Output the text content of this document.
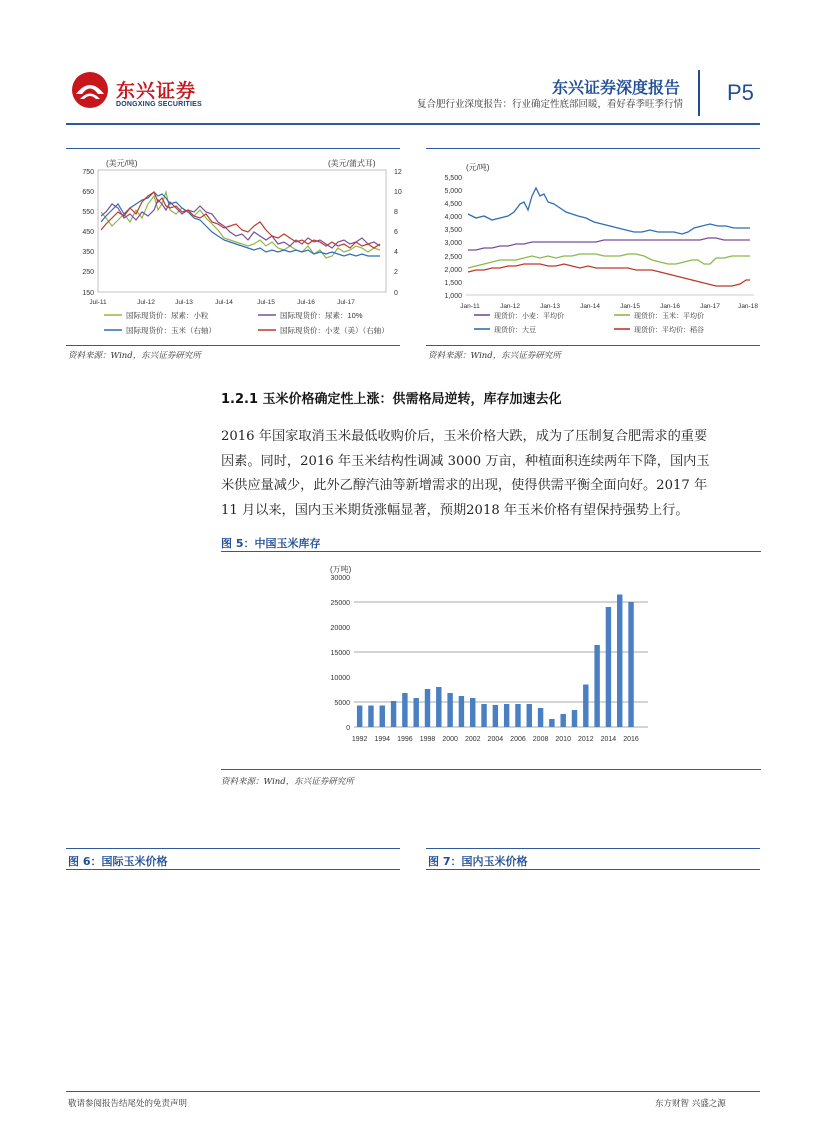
东兴证券
DONGXING SECURITIES
东兴证券深度报告
复合肥行业深度报告：行业确定性底部回暖，看好春季旺季行情 P5
(美元/吨)	(美元/蒲式耳)
750
650
550
450
350
250
150
12
10
8
6
4
2
0
Jul-11	Jul-12	Jul-13	Jul-14	Jul-15	Jul-16	Jul-17
国际现货价：尿素：小粒	国际现货价：尿素：10%
国际现货价：玉米（右轴）	国际现货价：小麦（美）（右轴）
(元/吨)
5,500
5,000
4,500
4,000
3,500
3,000
2,500
2,000
1,500
1,000
Jan-11	Jan-12	Jan-13	Jan-14	Jan-15	Jan-16	Jan-17	Jan-18
现货价：大豆
现货价：玉米：平均价
现货价：小麦：平均价
现货价：平均价：稻谷
资料来源：Wind，东兴证券研究所	资料来源：Wind，东兴证券研究所
1.2.1 玉米价格确定性上涨：供需格局逆转，库存加速去化
2016 年国家取消玉米最低收购价后，玉米价格大跌，成为了压制复合肥需求的重要
因素。同时，2016 年玉米结构性调减 3000 万亩，种植面积连续两年下降，国内玉
米供应量减少，此外乙醇汽油等新增需求的出现，使得供需平衡全面向好。2017 年
11 月以来，国内玉米期货涨幅显著，预期2018 年玉米价格有望保持强势上行。
图 5：中国玉米库存
(万吨)
30000
25000
20000
15000
10000
5000
0
1992 1994 1996 1998 2000 2002 2004 2006 2008 2010 2012 2014 2016
资料来源：Wind，东兴证券研究所
图 6：国际玉米价格	图 7：国内玉米价格
敬请参阅报告结尾处的免责声明	东方财智 兴盛之源
